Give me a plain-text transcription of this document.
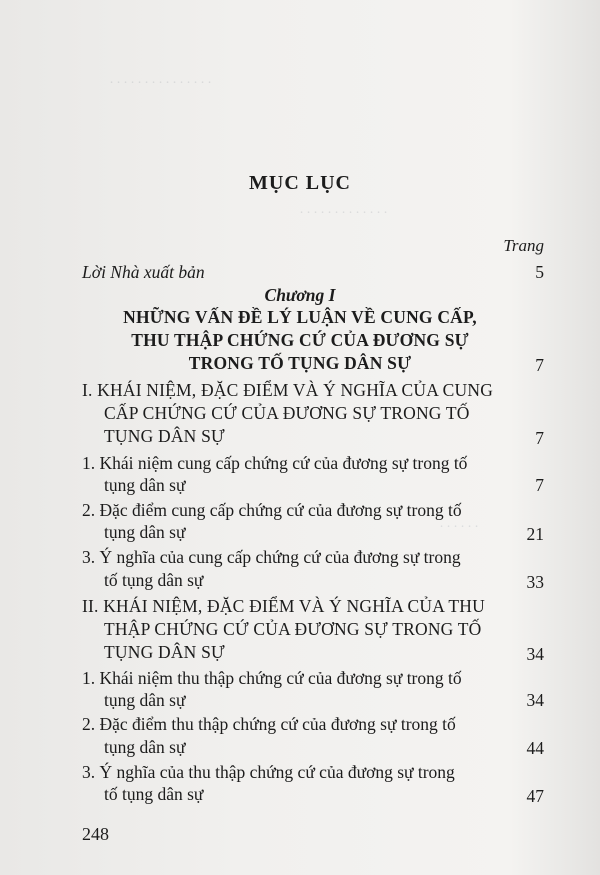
· · · · · · · · · · · · · · ·
· · · · · · · · · · · · ·
· · · · · ·
MỤC LỤC
Trang
Lời Nhà xuất bản	5
Chương I
NHỮNG VẤN ĐỀ LÝ LUẬN VỀ CUNG CẤP,
THU THẬP CHỨNG CỨ CỦA ĐƯƠNG SỰ
TRONG TỐ TỤNG DÂN SỰ	7
I. KHÁI NIỆM, ĐẶC ĐIỂM VÀ Ý NGHĨA CỦA CUNG
CẤP CHỨNG CỨ CỦA ĐƯƠNG SỰ TRONG TỐ
TỤNG DÂN SỰ	7
1. Khái niệm cung cấp chứng cứ của đương sự trong tố
tụng dân sự	7
2. Đặc điểm cung cấp chứng cứ của đương sự trong tố
tụng dân sự	21
3. Ý nghĩa của cung cấp chứng cứ của đương sự trong
tố tụng dân sự	33
II. KHÁI NIỆM, ĐẶC ĐIỂM VÀ Ý NGHĨA CỦA THU
THẬP CHỨNG CỨ CỦA ĐƯƠNG SỰ TRONG TỐ
TỤNG DÂN SỰ	34
1. Khái niệm thu thập chứng cứ của đương sự trong tố
tụng dân sự	34
2. Đặc điểm thu thập chứng cứ của đương sự trong tố
tụng dân sự	44
3. Ý nghĩa của thu thập chứng cứ của đương sự trong
tố tụng dân sự	47
248
